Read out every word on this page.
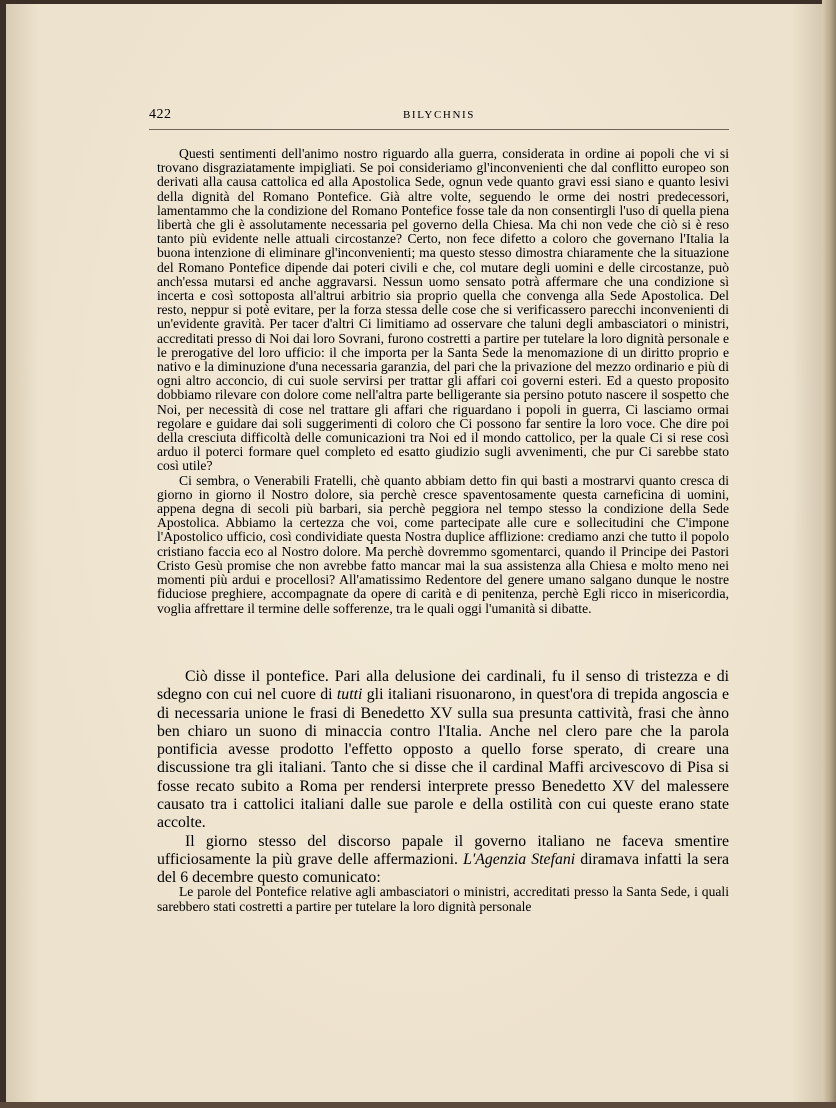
422	BILYCHNIS

Questi sentimenti dell'animo nostro riguardo alla guerra, considerata in ordine ai popoli che vi si trovano disgraziatamente impigliati. Se poi consideriamo gl'inconvenienti che dal conflitto europeo son derivati alla causa cattolica ed alla Apostolica Sede, ognun vede quanto gravi essi siano e quanto lesivi della dignità del Romano Pontefice. Già altre volte, seguendo le orme dei nostri predecessori, lamentammo che la condizione del Romano Pontefice fosse tale da non consentirgli l'uso di quella piena libertà che gli è assolutamente necessaria pel governo della Chiesa. Ma chi non vede che ciò si è reso tanto più evidente nelle attuali circostanze? Certo, non fece difetto a coloro che governano l'Italia la buona intenzione di eliminare gl'inconvenienti; ma questo stesso dimostra chiaramente che la situazione del Romano Pontefice dipende dai poteri civili e che, col mutare degli uomini e delle circostanze, può anch'essa mutarsi ed anche aggravarsi. Nessun uomo sensato potrà affermare che una condizione sì incerta e così sottoposta all'altrui arbitrio sia proprio quella che convenga alla Sede Apostolica. Del resto, neppur si potè evitare, per la forza stessa delle cose che si verificassero parecchi inconvenienti di un'evidente gravità. Per tacer d'altri Ci limitiamo ad osservare che taluni degli ambasciatori o ministri, accreditati presso di Noi dai loro Sovrani, furono costretti a partire per tutelare la loro dignità personale e le prerogative del loro ufficio: il che importa per la Santa Sede la menomazione di un diritto proprio e nativo e la diminuzione d'una necessaria garanzia, del pari che la privazione del mezzo ordinario e più di ogni altro acconcio, di cui suole servirsi per trattar gli affari coi governi esteri. Ed a questo proposito dobbiamo rilevare con dolore come nell'altra parte belligerante sia persino potuto nascere il sospetto che Noi, per necessità di cose nel trattare gli affari che riguardano i popoli in guerra, Ci lasciamo ormai regolare e guidare dai soli suggerimenti di coloro che Ci possono far sentire la loro voce. Che dire poi della cresciuta difficoltà delle comunicazioni tra Noi ed il mondo cattolico, per la quale Ci si rese così arduo il poterci formare quel completo ed esatto giudizio sugli avvenimenti, che pur Ci sarebbe stato così utile?

Ci sembra, o Venerabili Fratelli, chè quanto abbiam detto fin qui basti a mostrarvi quanto cresca di giorno in giorno il Nostro dolore, sia perchè cresce spaventosamente questa carneficina di uomini, appena degna di secoli più barbari, sia perchè peggiora nel tempo stesso la condizione della Sede Apostolica. Abbiamo la certezza che voi, come partecipate alle cure e sollecitudini che C'impone l'Apostolico ufficio, così condividiate questa Nostra duplice afflizione: crediamo anzi che tutto il popolo cristiano faccia eco al Nostro dolore. Ma perchè dovremmo sgomentarci, quando il Principe dei Pastori Cristo Gesù promise che non avrebbe fatto mancar mai la sua assistenza alla Chiesa e molto meno nei momenti più ardui e procellosi? All'amatissimo Redentore del genere umano salgano dunque le nostre fiduciose preghiere, accompagnate da opere di carità e di penitenza, perchè Egli ricco in misericordia, voglia affrettare il termine delle sofferenze, tra le quali oggi l'umanità si dibatte.

Ciò disse il pontefice. Pari alla delusione dei cardinali, fu il senso di tristezza e di sdegno con cui nel cuore di tutti gli italiani risuonarono, in quest'ora di trepida angoscia e di necessaria unione le frasi di Benedetto XV sulla sua presunta cattività, frasi che ànno ben chiaro un suono di minaccia contro l'Italia. Anche nel clero pare che la parola pontificia avesse prodotto l'effetto opposto a quello forse sperato, di creare una discussione tra gli italiani. Tanto che si disse che il cardinal Maffi arcivescovo di Pisa si fosse recato subito a Roma per rendersi interprete presso Benedetto XV del malessere causato tra i cattolici italiani dalle sue parole e della ostilità con cui queste erano state accolte.

Il giorno stesso del discorso papale il governo italiano ne faceva smentire ufficiosamente la più grave delle affermazioni. L'Agenzia Stefani diramava infatti la sera del 6 decembre questo comunicato:

Le parole del Pontefice relative agli ambasciatori o ministri, accreditati presso la Santa Sede, i quali sarebbero stati costretti a partire per tutelare la loro dignità personale
